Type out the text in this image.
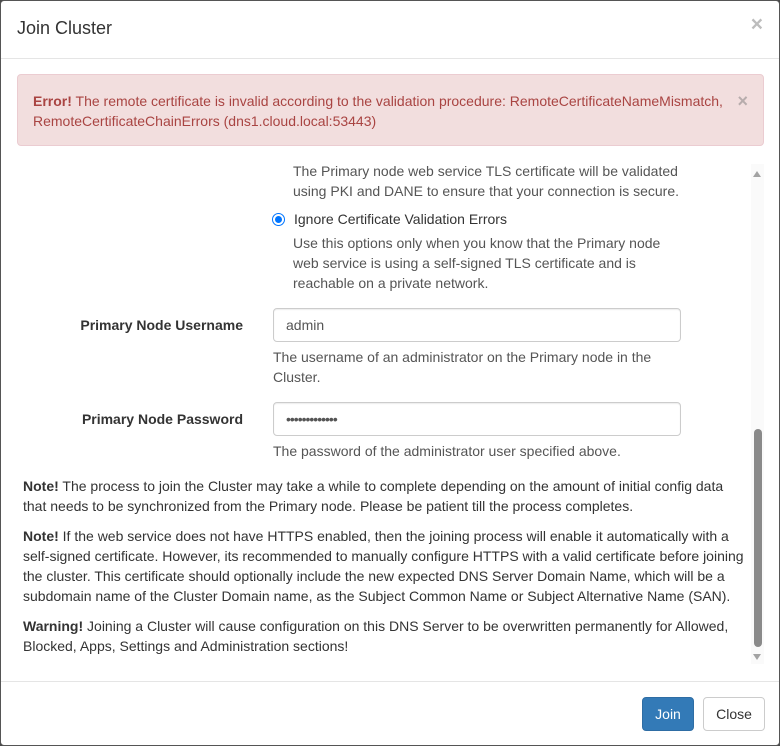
Join Cluster	×
Error! The remote certificate is invalid according to the validation procedure: RemoteCertificateNameMismatch, RemoteCertificateChainErrors (dns1.cloud.local:53443)
×
The Primary node web service TLS certificate will be validated using PKI and DANE to ensure that your connection is secure.
Ignore Certificate Validation Errors
Use this options only when you know that the Primary node web service is using a self-signed TLS certificate and is reachable on a private network.
Primary Node Username
admin
The username of an administrator on the Primary node in the Cluster.
Primary Node Password
•••••••••••••
The password of the administrator user specified above.

Note! The process to join the Cluster may take a while to complete depending on the amount of initial config data that needs to be synchronized from the Primary node. Please be patient till the process completes.

Note! If the web service does not have HTTPS enabled, then the joining process will enable it automatically with a self-signed certificate. However, its recommended to manually configure HTTPS with a valid certificate before joining the cluster. This certificate should optionally include the new expected DNS Server Domain Name, which will be a subdomain name of the Cluster Domain name, as the Subject Common Name or Subject Alternative Name (SAN).

Warning! Joining a Cluster will cause configuration on this DNS Server to be overwritten permanently for Allowed, Blocked, Apps, Settings and Administration sections!

Join	Close
